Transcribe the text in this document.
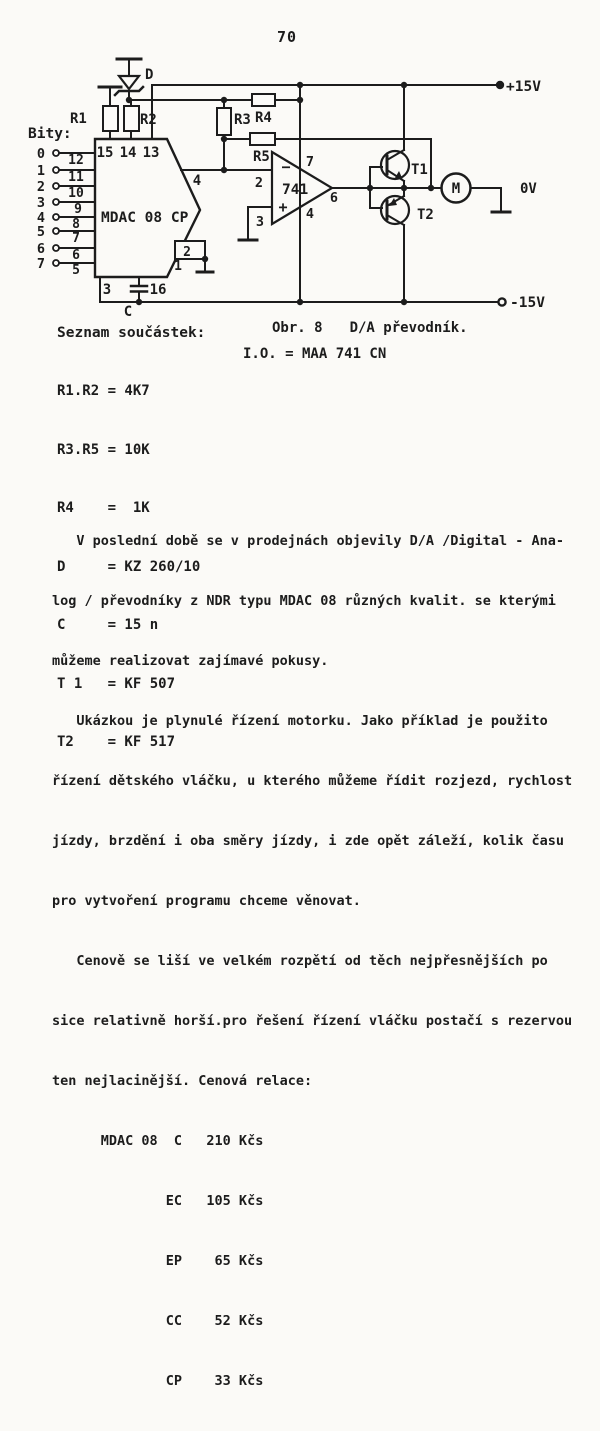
70
Bity:
0
1
2
3
4
5
6
7
12
11
10
9
8
7
6
5
15 14 13
MDAC 08 CP
4
2
1
3	16
C
R1	R2
D
R3 R4
R5
741
−
+
2
3
7
4
6
T1
T2
M
+15V
-15V
0V
Obr. 8 D/A převodník.
I.O. = MAA 741 CN
Seznam součástek:

R1.R2 = 4K7

R3.R5 = 10K

R4    =  1K

D     = KZ 260/10

C     = 15 n

T 1   = KF 507

T2    = KF 517

V poslední době se v prodejnách objevily D/A /Digital - Ana-

log / převodníky z NDR typu MDAC 08 různých kvalit. se kterými

můžeme realizovat zajímavé pokusy.

Ukázkou je plynulé řízení motorku. Jako příklad je použito

řízení dětského vláčku, u kterého můžeme řídit rozjezd, rychlost

jízdy, brzdění i oba směry jízdy, i zde opět záleží, kolik času

pro vytvoření programu chceme věnovat.

Cenově se liší ve velkém rozpětí od těch nejpřesnějších po

sice relativně horší.pro řešení řízení vláčku postačí s rezervou

ten nejlacinější. Cenová relace:

MDAC 08  C   210 Kčs

EC   105 Kčs

EP    65 Kčs

CC    52 Kčs

CP    33 Kčs
